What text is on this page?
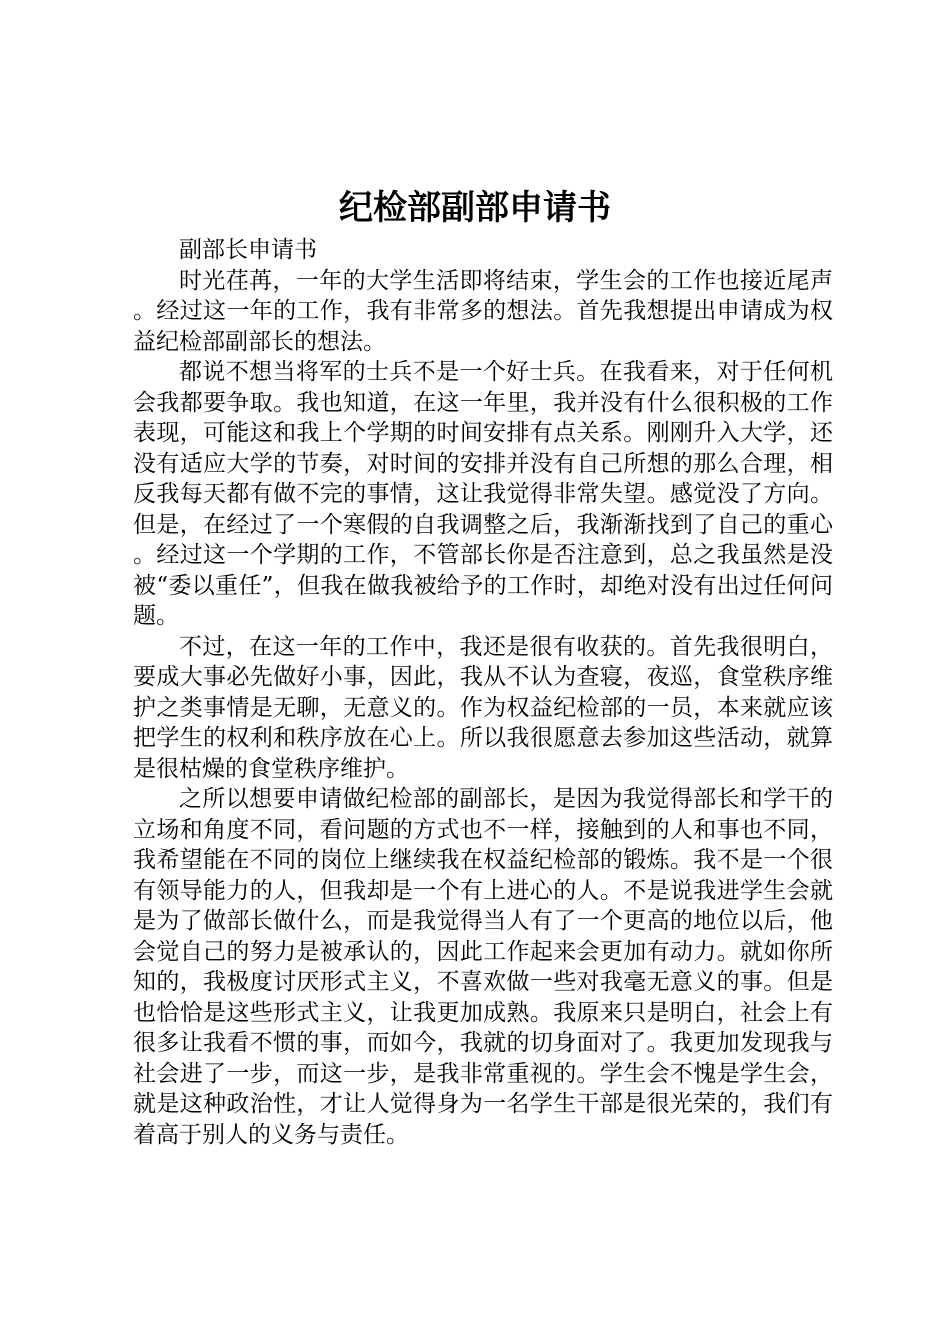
纪检部副部申请书

副部长申请书

时光荏苒，一年的大学生活即将结束，学生会的工作也接近尾声。经过这一年的工作，我有非常多的想法。首先我想提出申请成为权益纪检部副部长的想法。

都说不想当将军的士兵不是一个好士兵。在我看来，对于任何机会我都要争取。我也知道，在这一年里，我并没有什么很积极的工作表现，可能这和我上个学期的时间安排有点关系。刚刚升入大学，还没有适应大学的节奏，对时间的安排并没有自己所想的那么合理，相反我每天都有做不完的事情，这让我觉得非常失望。感觉没了方向。但是，在经过了一个寒假的自我调整之后，我渐渐找到了自己的重心。经过这一个学期的工作，不管部长你是否注意到，总之我虽然是没被“委以重任”，但我在做我被给予的工作时，却绝对没有出过任何问题。

不过，在这一年的工作中，我还是很有收获的。首先我很明白，要成大事必先做好小事，因此，我从不认为查寝，夜巡，食堂秩序维护之类事情是无聊，无意义的。作为权益纪检部的一员，本来就应该把学生的权利和秩序放在心上。所以我很愿意去参加这些活动，就算是很枯燥的食堂秩序维护。

之所以想要申请做纪检部的副部长，是因为我觉得部长和学干的立场和角度不同，看问题的方式也不一样，接触到的人和事也不同，我希望能在不同的岗位上继续我在权益纪检部的锻炼。我不是一个很有领导能力的人，但我却是一个有上进心的人。不是说我进学生会就是为了做部长做什么，而是我觉得当人有了一个更高的地位以后，他会觉自己的努力是被承认的，因此工作起来会更加有动力。就如你所知的，我极度讨厌形式主义，不喜欢做一些对我毫无意义的事。但是也恰恰是这些形式主义，让我更加成熟。我原来只是明白，社会上有很多让我看不惯的事，而如今，我就的切身面对了。我更加发现我与社会进了一步，而这一步，是我非常重视的。学生会不愧是学生会，就是这种政治性，才让人觉得身为一名学生干部是很光荣的，我们有着高于别人的义务与责任。
